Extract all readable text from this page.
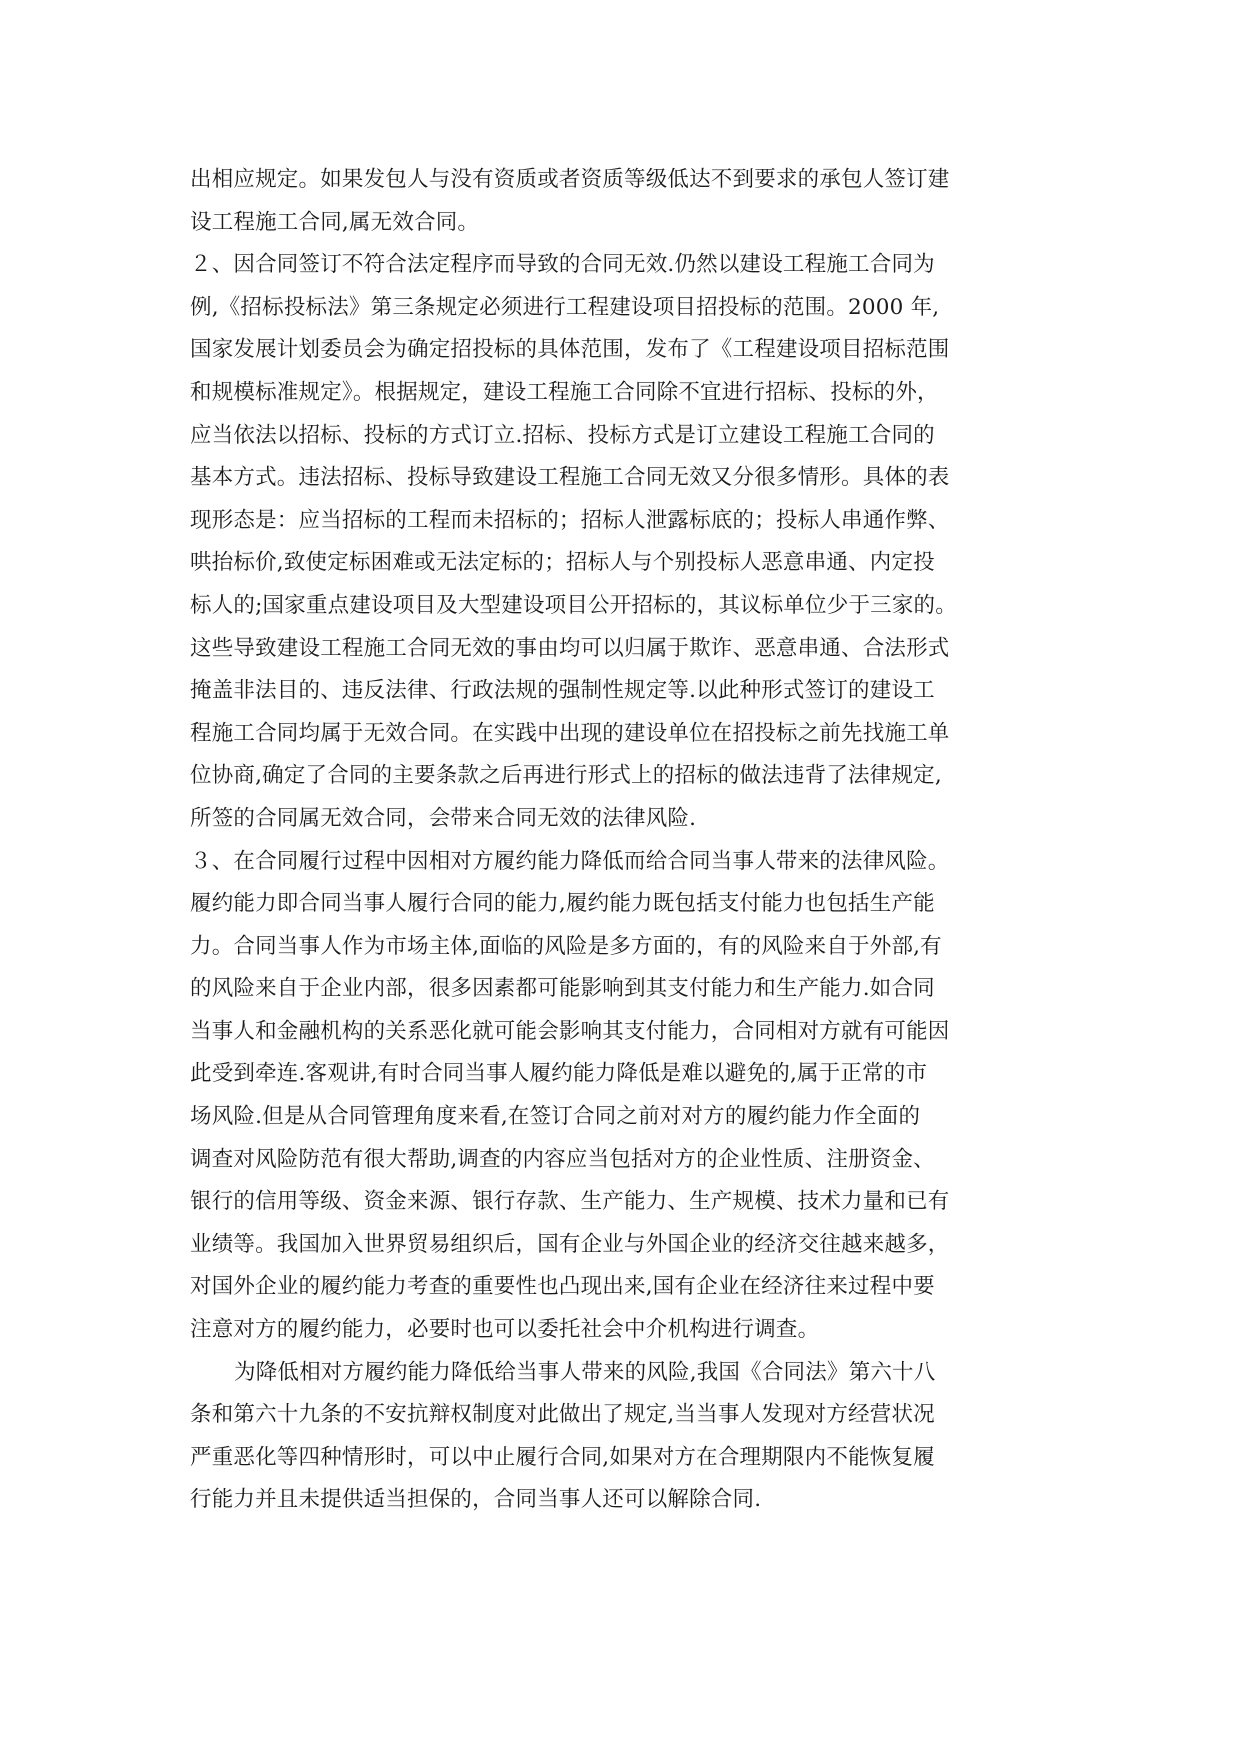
出相应规定。如果发包人与没有资质或者资质等级低达不到要求的承包人签订建
设工程施工合同,属无效合同。
２、因合同签订不符合法定程序而导致的合同无效.仍然以建设工程施工合同为
例,《招标投标法》第三条规定必须进行工程建设项目招投标的范围。2000 年,
国家发展计划委员会为确定招投标的具体范围，发布了《工程建设项目招标范围
和规模标准规定》。根据规定，建设工程施工合同除不宜进行招标、投标的外，
应当依法以招标、投标的方式订立.招标、投标方式是订立建设工程施工合同的
基本方式。违法招标、投标导致建设工程施工合同无效又分很多情形。具体的表
现形态是：应当招标的工程而未招标的；招标人泄露标底的；投标人串通作弊、
哄抬标价,致使定标困难或无法定标的；招标人与个别投标人恶意串通、内定投
标人的;国家重点建设项目及大型建设项目公开招标的，其议标单位少于三家的。
这些导致建设工程施工合同无效的事由均可以归属于欺诈、恶意串通、合法形式
掩盖非法目的、违反法律、行政法规的强制性规定等.以此种形式签订的建设工
程施工合同均属于无效合同。在实践中出现的建设单位在招投标之前先找施工单
位协商,确定了合同的主要条款之后再进行形式上的招标的做法违背了法律规定,
所签的合同属无效合同，会带来合同无效的法律风险.
３、在合同履行过程中因相对方履约能力降低而给合同当事人带来的法律风险。
履约能力即合同当事人履行合同的能力,履约能力既包括支付能力也包括生产能
力。合同当事人作为市场主体,面临的风险是多方面的，有的风险来自于外部,有
的风险来自于企业内部，很多因素都可能影响到其支付能力和生产能力.如合同
当事人和金融机构的关系恶化就可能会影响其支付能力，合同相对方就有可能因
此受到牵连.客观讲,有时合同当事人履约能力降低是难以避免的,属于正常的市
场风险.但是从合同管理角度来看,在签订合同之前对对方的履约能力作全面的
调查对风险防范有很大帮助,调查的内容应当包括对方的企业性质、注册资金、
银行的信用等级、资金来源、银行存款、生产能力、生产规模、技术力量和已有
业绩等。我国加入世界贸易组织后，国有企业与外国企业的经济交往越来越多，
对国外企业的履约能力考查的重要性也凸现出来,国有企业在经济往来过程中要
注意对方的履约能力，必要时也可以委托社会中介机构进行调查。
为降低相对方履约能力降低给当事人带来的风险,我国《合同法》第六十八
条和第六十九条的不安抗辩权制度对此做出了规定,当当事人发现对方经营状况
严重恶化等四种情形时，可以中止履行合同,如果对方在合理期限内不能恢复履
行能力并且未提供适当担保的，合同当事人还可以解除合同.
